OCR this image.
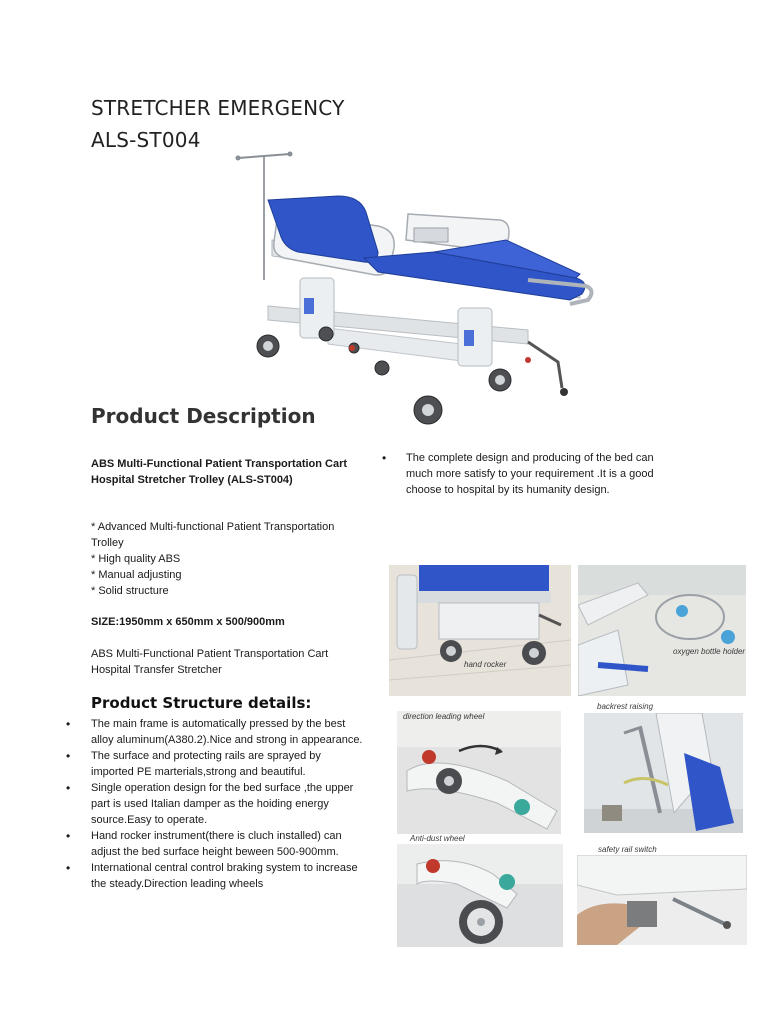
STRETCHER EMERGENCY
ALS-ST004
Product Description
ABS Multi-Functional Patient Transportation Cart
Hospital Stretcher Trolley (ALS-ST004)
* Advanced Multi-functional Patient Transportation Trolley
* High quality ABS
* Manual adjusting
* Solid structure
SIZE:1950mm x 650mm x 500/900mm
ABS Multi-Functional Patient Transportation Cart
Hospital Transfer Stretcher
• The complete design and producing of the bed can much more satisfy to your requirement .It is a good choose to hospital by its humanity design.
Product Structure details:
• The main frame is automatically pressed by the best alloy aluminum(A380.2).Nice and strong in appearance.
• The surface and protecting rails are sprayed by imported PE marterials,strong and beautiful.
• Single operation design for the bed surface ,the upper part is used Italian damper as the hoiding energy source.Easy to operate.
• Hand rocker instrument(there is cluch installed) can adjust the bed surface height beween 500-900mm.
• International central control braking system to increase the steady.Direction leading wheels
hand rocker
oxygen bottle holder
backrest raising
direction leading wheel
Anti-dust wheel
safety rail switch
